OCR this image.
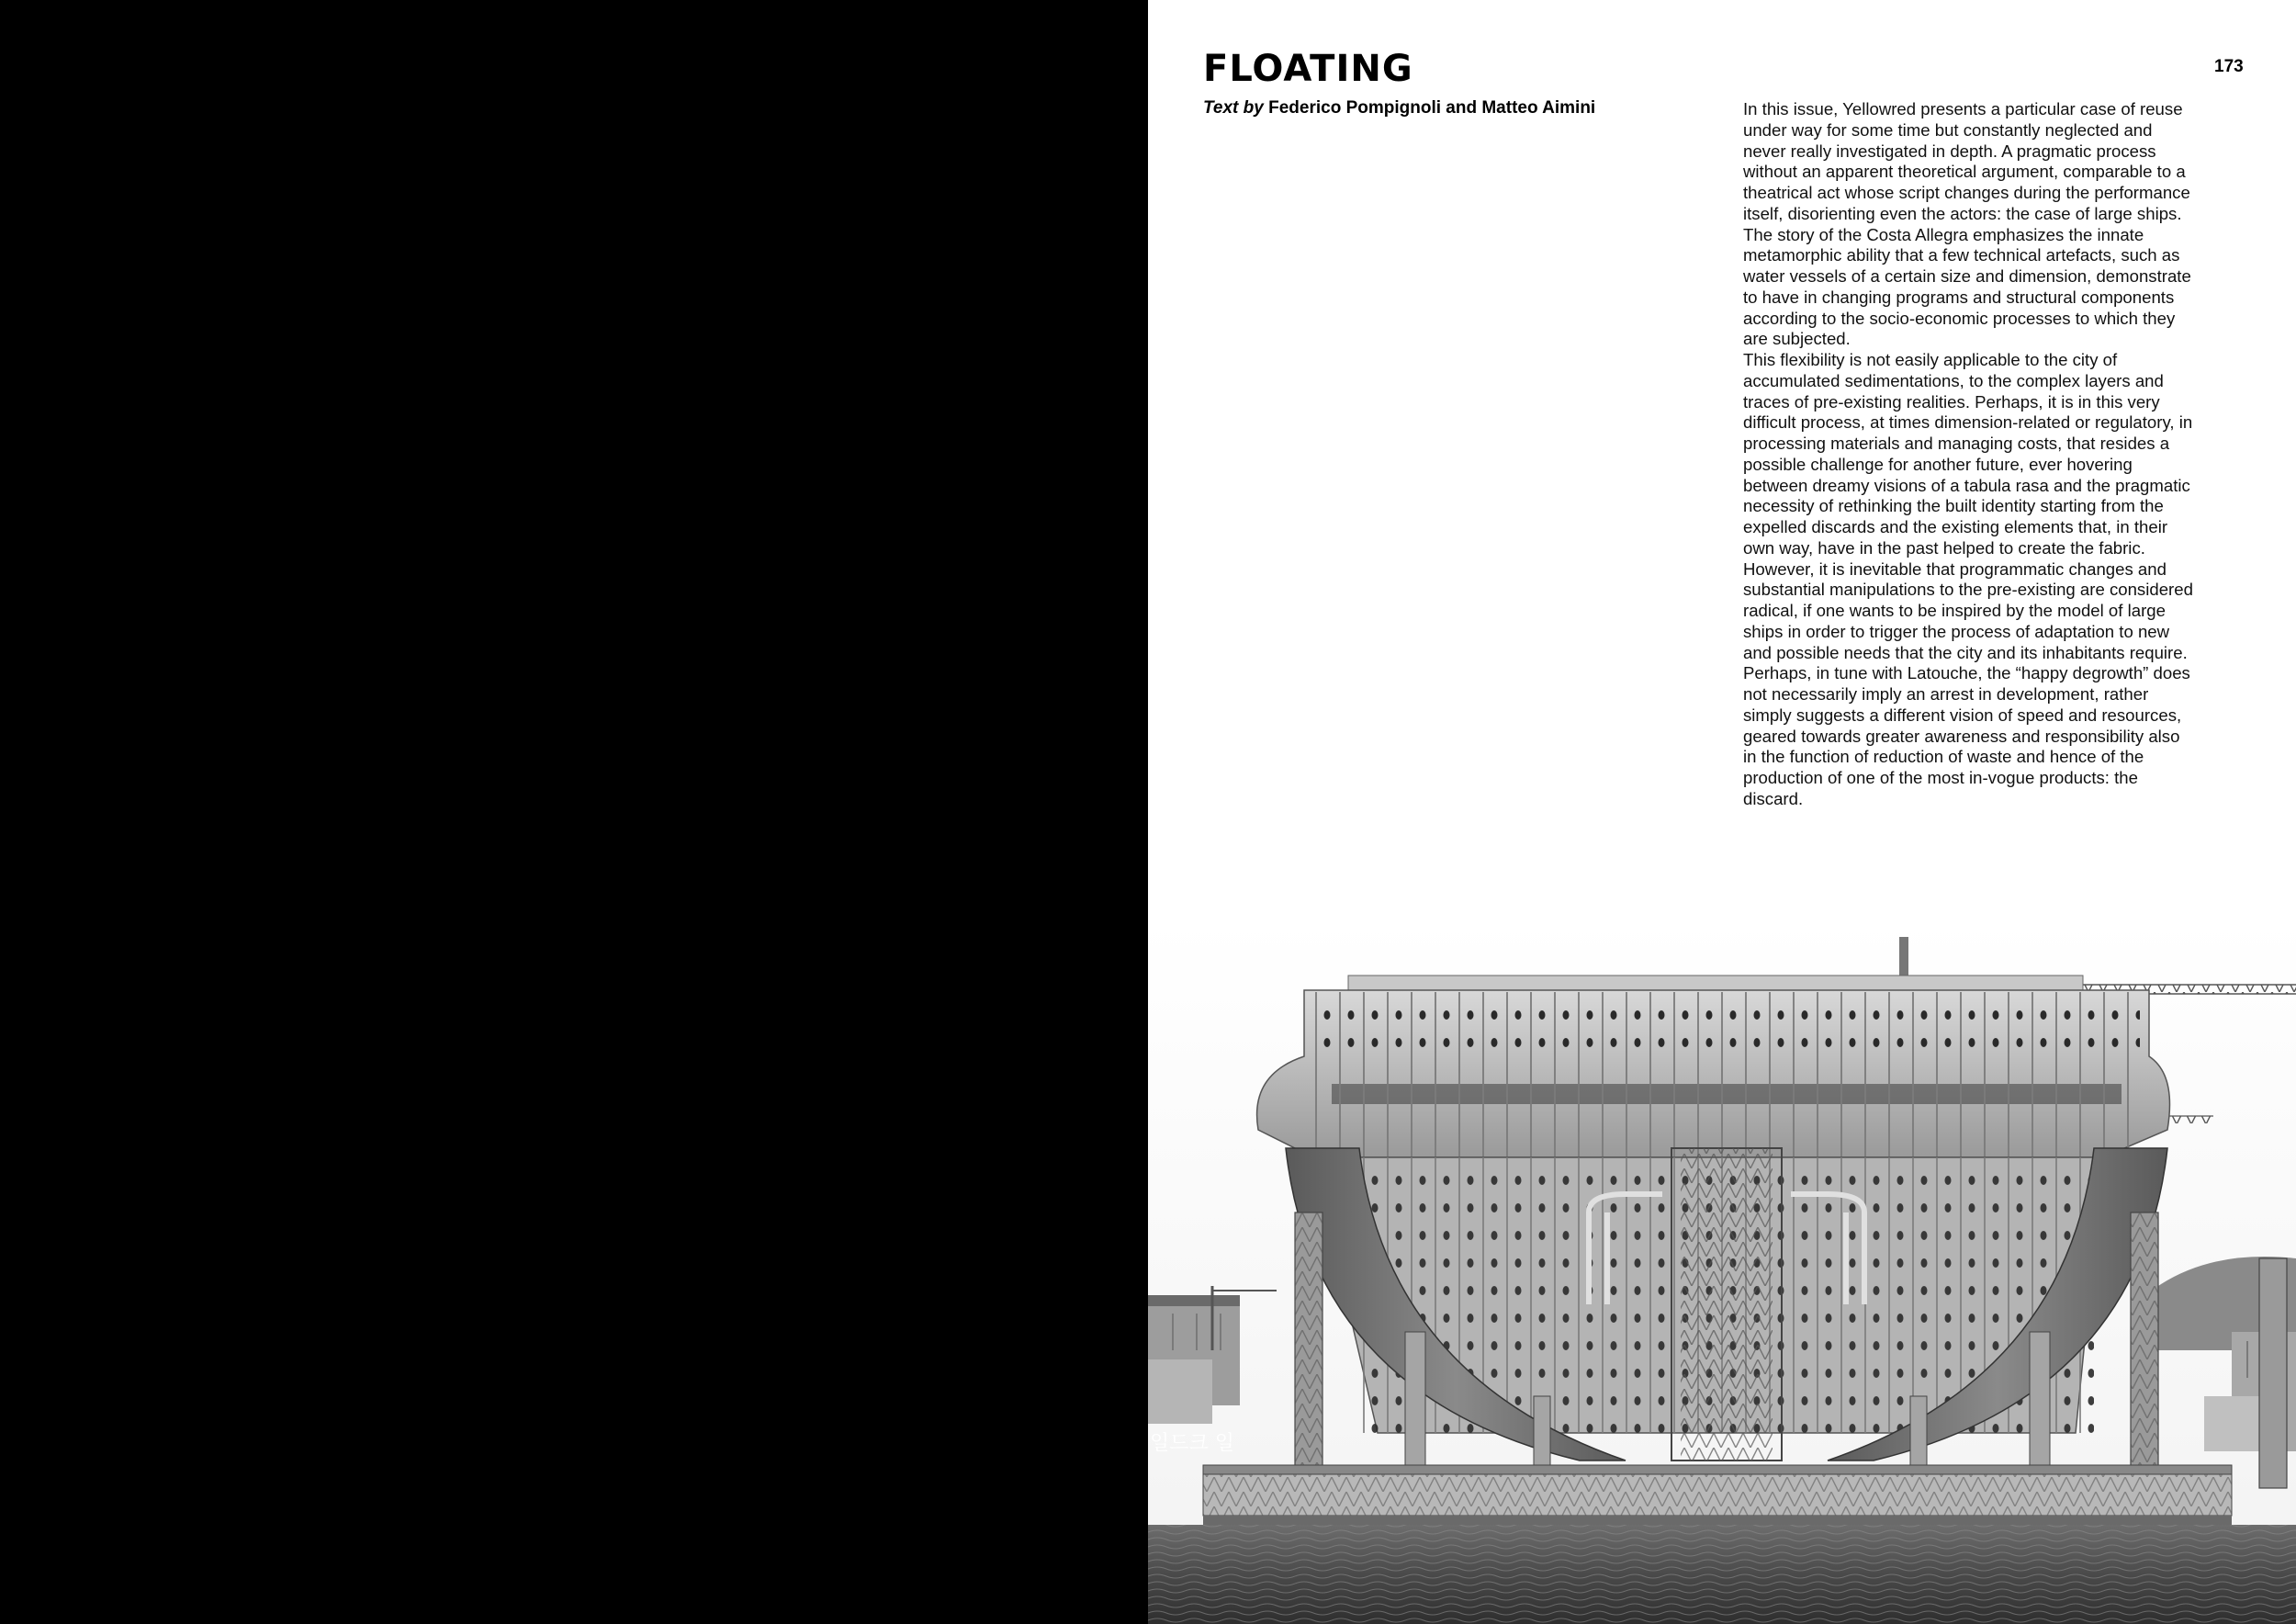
FLOATING
Text by Federico Pompignoli and Matteo Aimini
173

In this issue, Yellowred presents a particular case of reuse under way for some time but constantly neglected and never really investigated in depth. A pragmatic process without an apparent theoretical argument, comparable to a theatrical act whose script changes during the performance itself, disorienting even the actors: the case of large ships.

The story of the Costa Allegra emphasizes the innate metamorphic ability that a few technical artefacts, such as water vessels of a certain size and dimension, demonstrate to have in changing programs and structural components according to the socio-economic processes to which they are subjected.

This flexibility is not easily applicable to the city of accumulated sedimentations, to the complex layers and traces of pre-existing realities. Perhaps, it is in this very difficult process, at times dimension-related or regulatory, in processing materials and managing costs, that resides a possible challenge for another future, ever hovering between dreamy visions of a tabula rasa and the pragmatic necessity of rethinking the built identity starting from the expelled discards and the existing elements that, in their own way, have in the past helped to create the fabric.

However, it is inevitable that programmatic changes and substantial manipulations to the pre-existing are considered radical, if one wants to be inspired by the model of large ships in order to trigger the process of adaptation to new and possible needs that the city and its inhabitants require.

Perhaps, in tune with Latouche, the “happy degrowth” does not necessarily imply an arrest in development, rather simply suggests a different vision of speed and resources, geared towards greater awareness and responsibility also in the function of reduction of waste and hence of the production of one of the most in-vogue products: the discard.

일드크 일
